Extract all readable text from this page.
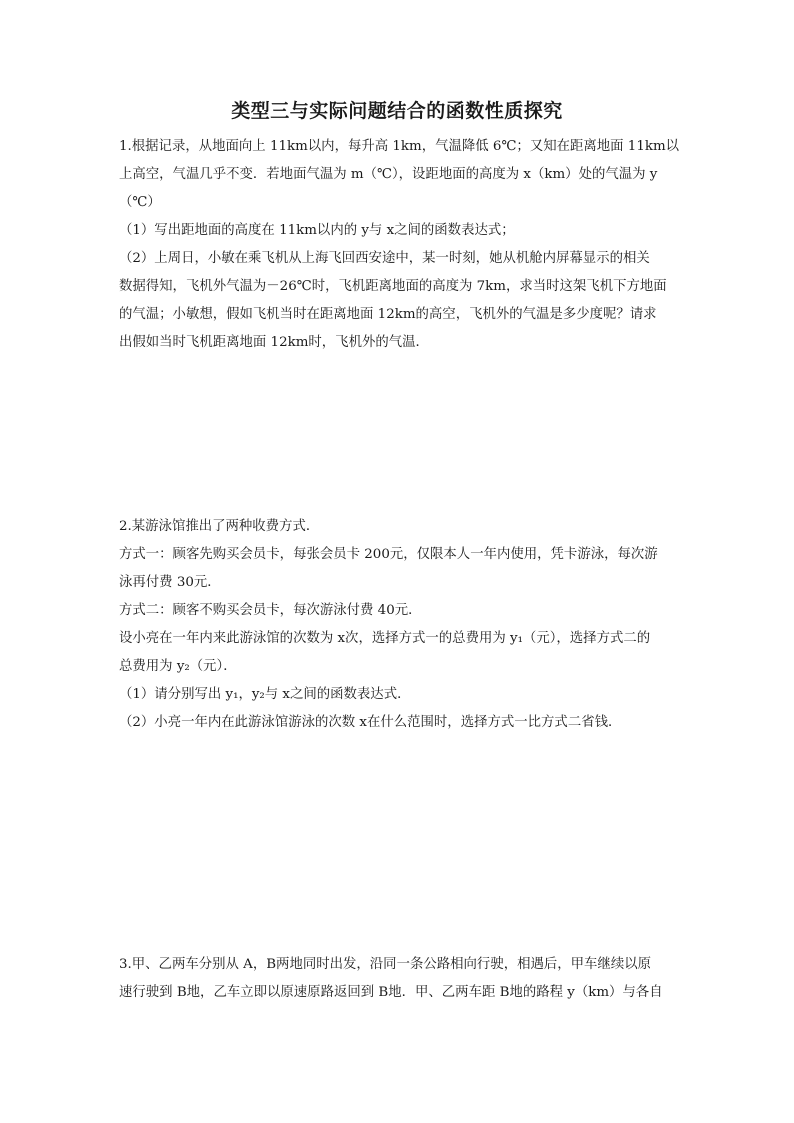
类型三与实际问题结合的函数性质探究
1.根据记录，从地面向上 11km以内，每升高 1km，气温降低 6℃；又知在距离地面 11km以
上高空，气温几乎不变．若地面气温为 m（℃），设距地面的高度为 x（km）处的气温为 y
（℃）
（1）写出距地面的高度在 11km以内的 y与 x之间的函数表达式；
（2）上周日，小敏在乘飞机从上海飞回西安途中，某一时刻，她从机舱内屏幕显示的相关
数据得知，飞机外气温为－26℃时，飞机距离地面的高度为 7km，求当时这架飞机下方地面
的气温；小敏想，假如飞机当时在距离地面 12km的高空，飞机外的气温是多少度呢？请求
出假如当时飞机距离地面 12km时，飞机外的气温．
2.某游泳馆推出了两种收费方式．
方式一：顾客先购买会员卡，每张会员卡 200元，仅限本人一年内使用，凭卡游泳，每次游
泳再付费 30元．
方式二：顾客不购买会员卡，每次游泳付费 40元．
设小亮在一年内来此游泳馆的次数为 x次，选择方式一的总费用为 y₁（元），选择方式二的
总费用为 y₂（元）．
（1）请分别写出 y₁，y₂与 x之间的函数表达式．
（2）小亮一年内在此游泳馆游泳的次数 x在什么范围时，选择方式一比方式二省钱．
3.甲、乙两车分别从 A，B两地同时出发，沿同一条公路相向行驶，相遇后，甲车继续以原
速行驶到 B地，乙车立即以原速原路返回到 B地．甲、乙两车距 B地的路程 y（km）与各自
